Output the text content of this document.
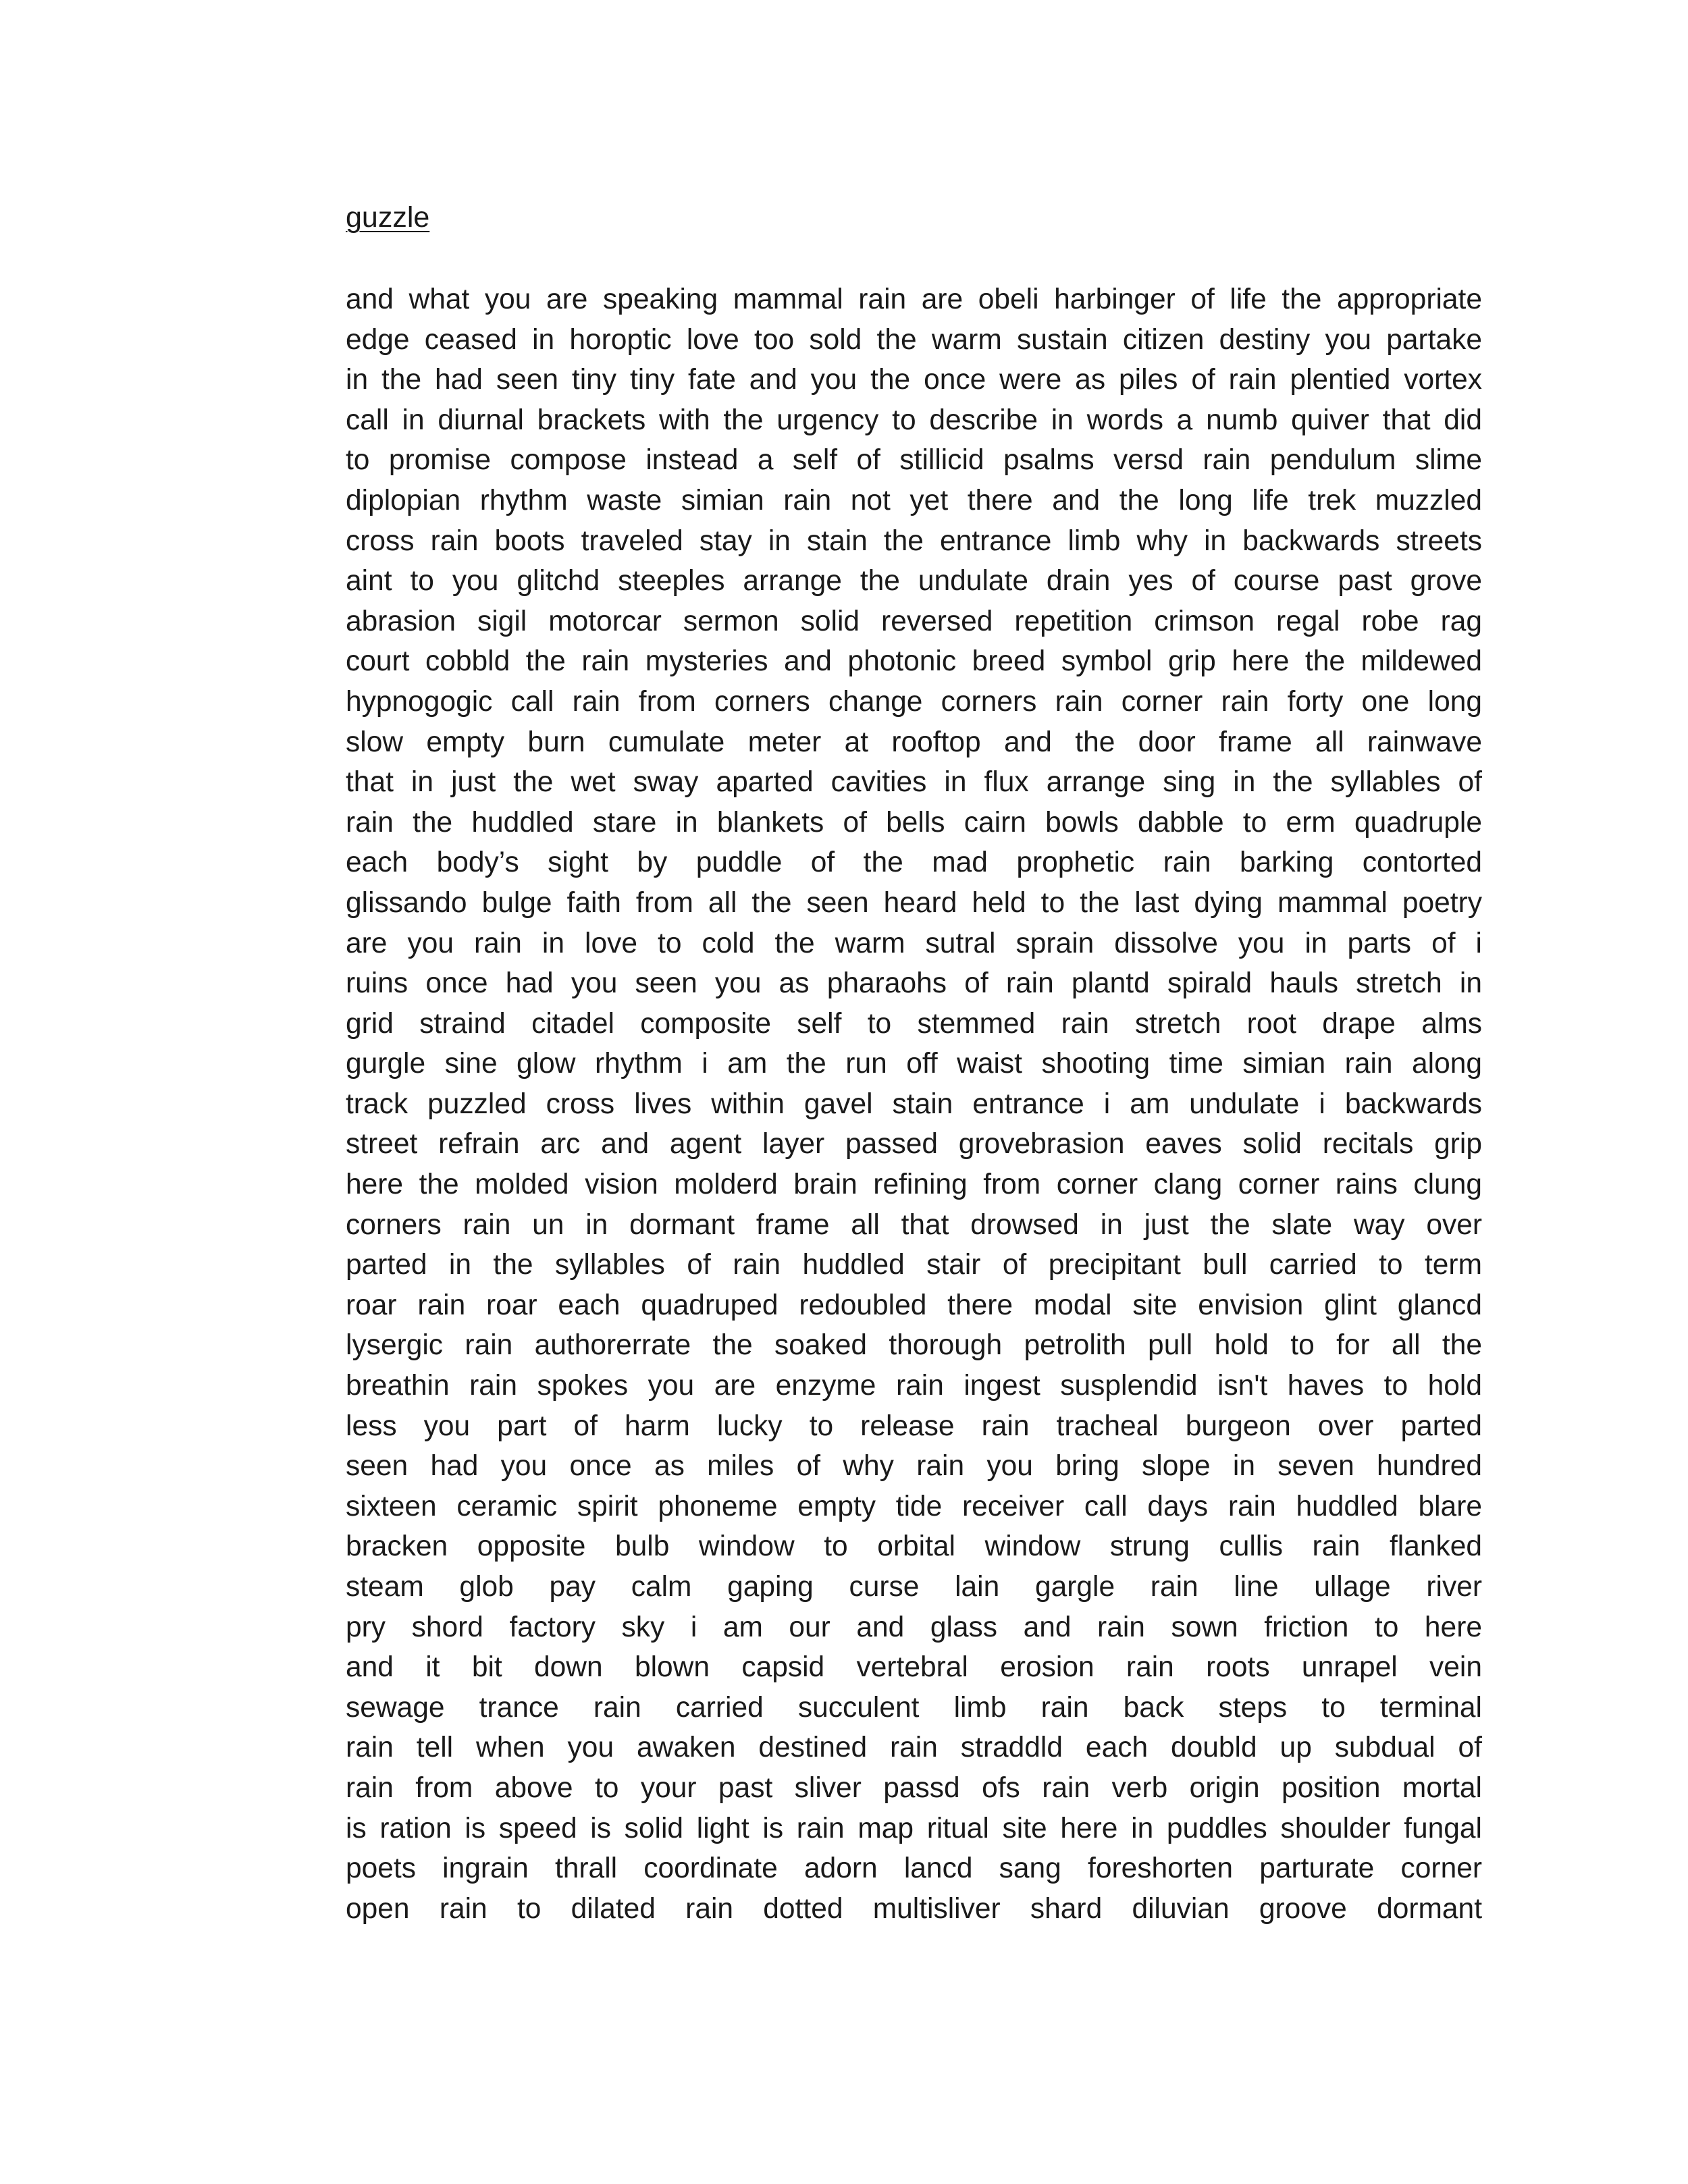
guzzle
and what you are speaking mammal rain are obeli harbinger of life the appropriate
edge ceased in horoptic love too sold the warm sustain citizen destiny you partake
in the had seen tiny tiny fate and you the once were as piles of rain plentied vortex
call in diurnal brackets with the urgency to describe in words a numb quiver that did
to promise compose instead a self of stillicid psalms versd rain pendulum slime
diplopian rhythm waste simian rain not yet there and the long life trek muzzled
cross rain boots traveled stay in stain the entrance limb why in backwards streets
aint to you glitchd steeples arrange the undulate drain yes of course past grove
abrasion sigil motorcar sermon solid reversed repetition crimson regal robe rag
court cobbld the rain mysteries and photonic breed symbol grip here the mildewed
hypnogogic call rain from corners change corners rain corner rain forty one long
slow empty burn cumulate meter at rooftop and the door frame all rainwave
that in just the wet sway aparted cavities in flux arrange sing in the syllables of
rain the huddled stare in blankets of bells cairn bowls dabble to erm quadruple
each body’s sight by puddle of the mad prophetic rain barking contorted
glissando bulge faith from all the seen heard held to the last dying mammal poetry
are you rain in love to cold the warm sutral sprain dissolve you in parts of i
ruins once had you seen you as pharaohs of rain plantd spirald hauls stretch in
grid straind citadel composite self to stemmed rain stretch root drape alms
gurgle sine glow rhythm i am the run off waist shooting time simian rain along
track puzzled cross lives within gavel stain entrance i am undulate i backwards
street refrain arc and agent layer passed grovebrasion eaves solid recitals grip
here the molded vision molderd brain refining from corner clang corner rains clung
corners rain un in dormant frame all that drowsed in just the slate way over
parted in the syllables of rain huddled stair of precipitant bull carried to term
roar rain roar each quadruped redoubled there modal site envision glint glancd
lysergic rain authorerrate the soaked thorough petrolith pull hold to for all the
breathin rain spokes you are enzyme rain ingest susplendid isn't haves to hold
less you part of harm lucky to release rain tracheal burgeon over parted
seen had you once as miles of why rain you bring slope in seven hundred
sixteen ceramic spirit phoneme empty tide receiver call days rain huddled blare
bracken opposite bulb window to orbital window strung cullis rain flanked
steam glob pay calm gaping curse lain gargle rain line ullage river
pry shord factory sky i am our and glass and rain sown friction to here
and it bit down blown capsid vertebral erosion rain roots unrapel vein
sewage trance rain carried succulent limb rain back steps to terminal
rain tell when you awaken destined rain straddld each doubld up subdual of
rain from above to your past sliver passd ofs rain verb origin position mortal
is ration is speed is solid light is rain map ritual site here in puddles shoulder fungal
poets ingrain thrall coordinate adorn lancd sang foreshorten parturate corner
open rain to dilated rain dotted multisliver shard diluvian groove dormant
